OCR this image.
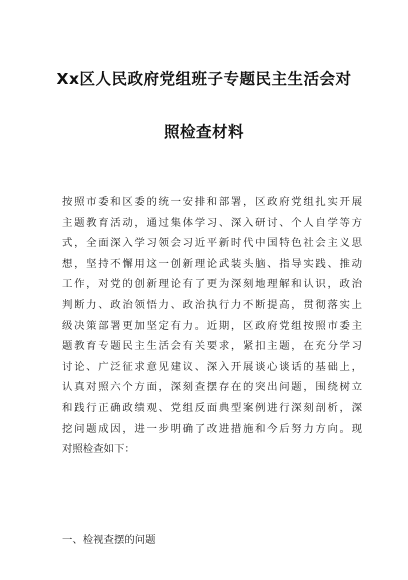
Xx区人民政府党组班子专题民主生活会对
照检查材料
按照市委和区委的统一安排和部署，区政府党组扎实开展
主题教育活动，通过集体学习、深入研讨、个人自学等方
式，全面深入学习领会习近平新时代中国特色社会主义思
想，坚持不懈用这一创新理论武装头脑、指导实践、推动
工作，对党的创新理论有了更为深刻地理解和认识，政治
判断力、政治领悟力、政治执行力不断提高，贯彻落实上
级决策部署更加坚定有力。近期，区政府党组按照市委主
题教育专题民主生活会有关要求，紧扣主题，在充分学习
讨论、广泛征求意见建议、深入开展谈心谈话的基础上，
认真对照六个方面，深刻查摆存在的突出问题，围绕树立
和践行正确政绩观、党组反面典型案例进行深刻剖析，深
挖问题成因，进一步明确了改进措施和今后努力方向。现
对照检查如下：
一、检视查摆的问题
